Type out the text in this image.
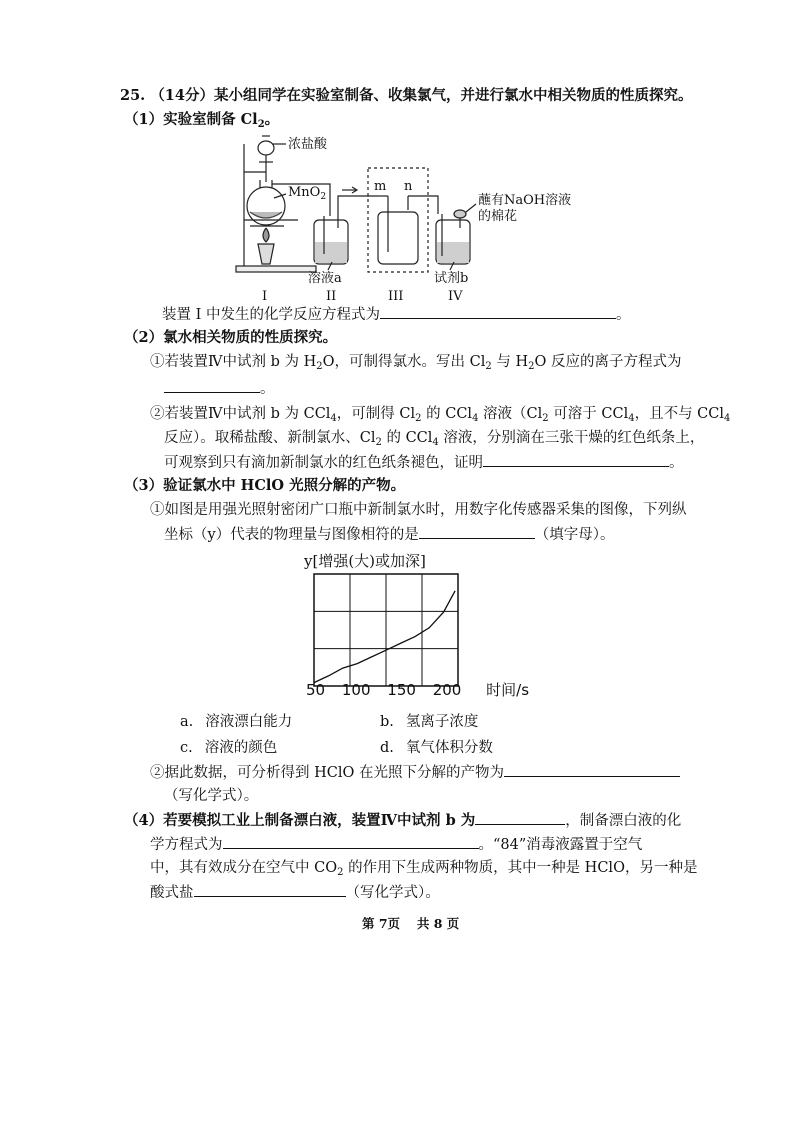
25. （14分）某小组同学在实验室制备、收集氯气，并进行氯水中相关物质的性质探究。
（1）实验室制备 $Cl_2$。
浓盐酸
MnO$_2$
m n
蘸有NaOH溶液
的棉花
溶液a	试剂b
I	II	III	IV
装置 I 中发生的化学反应方程式为	。
（2）氯水相关物质的性质探究。
①若装置Ⅳ中试剂 b 为 $H_2O$，可制得氯水。写出 $Cl_2$ 与 $H_2O$ 反应的离子方程式为
。
②若装置Ⅳ中试剂 b 为 CCl$_4$，可制得 $Cl_2$ 的 CCl$_4$ 溶液（$Cl_2$ 可溶于 CCl$_4$，且不与 CCl$_4$
反应）。取稀盐酸、新制氯水、$Cl_2$ 的 CCl$_4$ 溶液，分别滴在三张干燥的红色纸条上，
可观察到只有滴加新制氯水的红色纸条褪色，证明	。
（3）验证氯水中 HClO 光照分解的产物。
①如图是用强光照射密闭广口瓶中新制氯水时，用数字化传感器采集的图像，下列纵
坐标（y）代表的物理量与图像相符的是	（填字母）。
y[增强(大)或加深]
50 100 150 200 时间/s
a. 溶液漂白能力	b. 氢离子浓度
c. 溶液的颜色	d. 氧气体积分数
②据此数据，可分析得到 HClO 在光照下分解的产物为
（写化学式）。
（4）若要模拟工业上制备漂白液，装置Ⅳ中试剂 b 为	，制备漂白液的化
学方程式为	。“84”消毒液露置于空气
中，其有效成分在空气中 $CO_2$ 的作用下生成两种物质，其中一种是 HClO，另一种是
酸式盐	（写化学式）。
第 7页　 共 8 页
